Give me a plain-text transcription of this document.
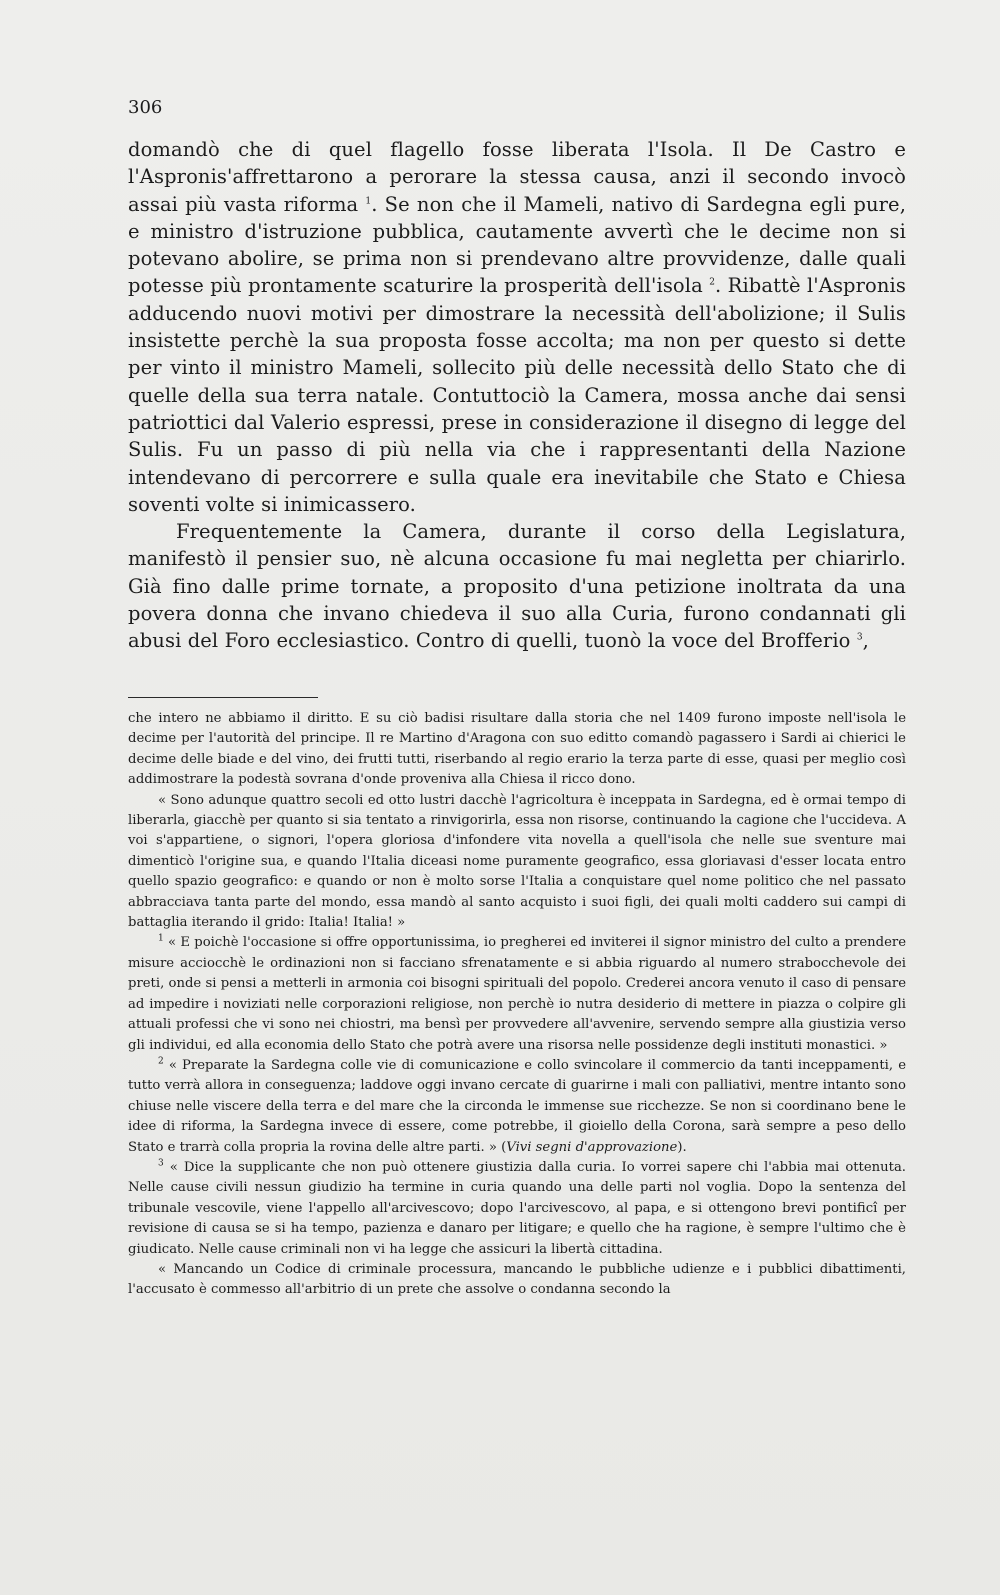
306

domandò che di quel flagello fosse liberata l'Isola. Il De Castro e l'Aspronis'affrettarono a perorare la stessa causa, anzi il secondo invocò assai più vasta riforma $^1$. Se non che il Mameli, nativo di Sardegna egli pure, e ministro d'istruzione pubblica, cautamente avvertì che le decime non si potevano abolire, se prima non si prendevano altre provvidenze, dalle quali potesse più prontamente scaturire la prosperità dell'isola $^2$. Ribattè l'Aspronis adducendo nuovi motivi per dimostrare la necessità dell'abolizione; il Sulis insistette perchè la sua proposta fosse accolta; ma non per questo si dette per vinto il ministro Mameli, sollecito più delle necessità dello Stato che di quelle della sua terra natale. Contuttociò la Camera, mossa anche dai sensi patriottici dal Valerio espressi, prese in considerazione il disegno di legge del Sulis. Fu un passo di più nella via che i rappresentanti della Nazione intendevano di percorrere e sulla quale era inevitabile che Stato e Chiesa soventi volte si inimicassero.

Frequentemente la Camera, durante il corso della Legislatura, manifestò il pensier suo, nè alcuna occasione fu mai negletta per chiarirlo. Già fino dalle prime tornate, a proposito d'una petizione inoltrata da una povera donna che invano chiedeva il suo alla Curia, furono condannati gli abusi del Foro ecclesiastico. Contro di quelli, tuonò la voce del Brofferio $^3$,

che intero ne abbiamo il diritto. E su ciò badisi risultare dalla storia che nel 1409 furono imposte nell'isola le decime per l'autorità del principe. Il re Martino d'Aragona con suo editto comandò pagassero i Sardi ai chierici le decime delle biade e del vino, dei frutti tutti, riserbando al regio erario la terza parte di esse, quasi per meglio così addimostrare la podestà sovrana d'onde proveniva alla Chiesa il ricco dono.

« Sono adunque quattro secoli ed otto lustri dacchè l'agricoltura è inceppata in Sardegna, ed è ormai tempo di liberarla, giacchè per quanto si sia tentato a rinvigorirla, essa non risorse, continuando la cagione che l'uccideva. A voi s'appartiene, o signori, l'opera gloriosa d'infondere vita novella a quell'isola che nelle sue sventure mai dimenticò l'origine sua, e quando l'Italia diceasi nome puramente geografico, essa gloriavasi d'esser locata entro quello spazio geografico: e quando or non è molto sorse l'Italia a conquistare quel nome politico che nel passato abbracciava tanta parte del mondo, essa mandò al santo acquisto i suoi figli, dei quali molti caddero sui campi di battaglia iterando il grido: Italia! Italia! »

$^1$ « E poichè l'occasione si offre opportunissima, io pregherei ed inviterei il signor ministro del culto a prendere misure acciocchè le ordinazioni non si facciano sfrenatamente e si abbia riguardo al numero strabocchevole dei preti, onde si pensi a metterli in armonia coi bisogni spirituali del popolo. Crederei ancora venuto il caso di pensare ad impedire i noviziati nelle corporazioni religiose, non perchè io nutra desiderio di mettere in piazza o colpire gli attuali professi che vi sono nei chiostri, ma bensì per provvedere all'avvenire, servendo sempre alla giustizia verso gli individui, ed alla economia dello Stato che potrà avere una risorsa nelle possidenze degli instituti monastici. »

$^2$ « Preparate la Sardegna colle vie di comunicazione e collo svincolare il commercio da tanti inceppamenti, e tutto verrà allora in conseguenza; laddove oggi invano cercate di guarirne i mali con palliativi, mentre intanto sono chiuse nelle viscere della terra e del mare che la circonda le immense sue ricchezze. Se non si coordinano bene le idee di riforma, la Sardegna invece di essere, come potrebbe, il gioiello della Corona, sarà sempre a peso dello Stato e trarrà colla propria la rovina delle altre parti. » (Vivi segni d'approvazione).

$^3$ « Dice la supplicante che non può ottenere giustizia dalla curia. Io vorrei sapere chi l'abbia mai ottenuta. Nelle cause civili nessun giudizio ha termine in curia quando una delle parti nol voglia. Dopo la sentenza del tribunale vescovile, viene l'appello all'arcivescovo; dopo l'arcivescovo, al papa, e si ottengono brevi pontificî per revisione di causa se si ha tempo, pazienza e danaro per litigare; e quello che ha ragione, è sempre l'ultimo che è giudicato. Nelle cause criminali non vi ha legge che assicuri la libertà cittadina.

« Mancando un Codice di criminale processura, mancando le pubbliche udienze e i pubblici dibattimenti, l'accusato è commesso all'arbitrio di un prete che assolve o condanna secondo la
